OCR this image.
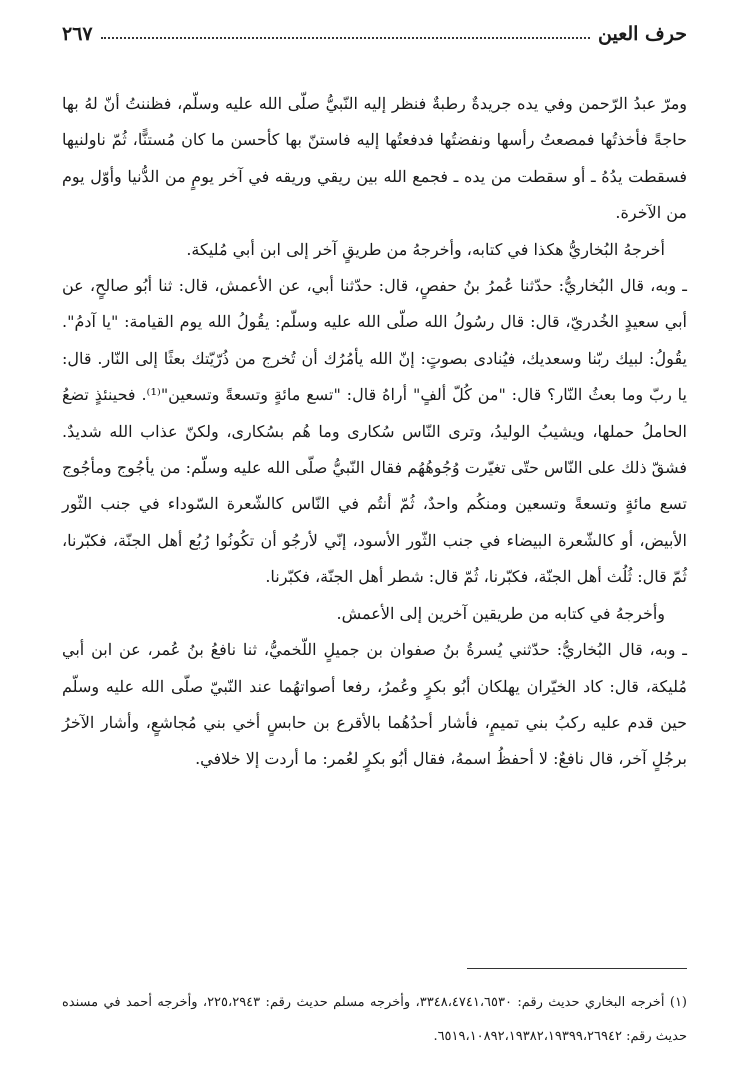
حرف العين
٢٦٧

ومرّ عبدُ الرّحمن وفي يده جريدةٌ رطبةٌ فنظر إليه النّبيُّ صلّى الله عليه وسلّم، فظننتُ أنّ لهُ بها حاجةً فأخذتُها فمصعتُ رأسها ونفضتُها فدفعتُها إليه فاستنّ بها كأحسن ما كان مُستنًّا، ثُمّ ناولنيها فسقطت يدُهُ ـ أو سقطت من يده ـ فجمع الله بين ريقي وريقه في آخر يومٍ من الدُّنيا وأوّل يوم من الآخرة.

أخرجهُ البُخاريُّ هكذا في كتابه، وأخرجهُ من طريقٍ آخر إلى ابن أبي مُليكة.

ـ وبه، قال البُخاريُّ: حدّثنا عُمرُ بنُ حفصٍ، قال: حدّثنا أبي، عن الأعمش، قال: ثنا أبُو صالحٍ، عن أبي سعيدٍ الخُدريّ، قال: قال رسُولُ الله صلّى الله عليه وسلّم: يقُولُ الله يوم القيامة: "يا آدمُ". يقُولُ: لبيك ربّنا وسعديك، فيُنادى بصوتٍ: إنّ الله يأمُرُك أن تُخرج من ذُرّيّتك بعثًا إلى النّار. قال: يا ربّ وما بعثُ النّار؟ قال: "من كُلّ ألفٍ" أراهُ قال: "تسع مائةٍ وتسعةً وتسعين"⁽¹⁾. فحينئذٍ تضعُ الحاملُ حملها، ويشيبُ الوليدُ، وترى النّاس سُكارى وما هُم بسُكارى، ولكنّ عذاب الله شديدٌ. فشقّ ذلك على النّاس حتّى تغيّرت وُجُوهُهُم فقال النّبيُّ صلّى الله عليه وسلّم: من يأجُوج ومأجُوج تسع مائةٍ وتسعةً وتسعين ومنكُم واحدٌ، ثُمّ أنتُم في النّاس كالشّعرة السّوداء في جنب الثّور الأبيض، أو كالشّعرة البيضاء في جنب الثّور الأسود، إنّي لأرجُو أن تكُونُوا رُبُع أهل الجنّة، فكبّرنا، ثُمّ قال: ثُلُث أهل الجنّة، فكبّرنا، ثُمّ قال: شطر أهل الجنّة، فكبّرنا.

وأخرجهُ في كتابه من طريقين آخرين إلى الأعمش.

ـ وبه، قال البُخاريُّ: حدّثني يُسرةُ بنُ صفوان بن جميلٍ اللّخميُّ، ثنا نافعُ بنُ عُمر، عن ابن أبي مُليكة، قال: كاد الخيّران يهلكان أبُو بكرٍ وعُمرُ، رفعا أصواتهُما عند النّبيّ صلّى الله عليه وسلّم حين قدم عليه ركبُ بني تميمٍ، فأشار أحدُهُما بالأقرع بن حابسٍ أخي بني مُجاشعٍ، وأشار الآخرُ برجُلٍ آخر، قال نافعٌ: لا أحفظُ اسمهُ، فقال أبُو بكرٍ لعُمر: ما أردت إلا خلافي.

(١) أخرجه البخاري حديث رقم: ٣٣٤٨،٤٧٤١،٦٥٣٠، وأخرجه مسلم حديث رقم: ٢٢٥،٢٩٤٣، وأخرجه أحمد في مسنده حديث رقم: ٦٥١٩،١٠٨٩٢،١٩٣٨٢،١٩٣٩٩،٢٦٩٤٢.
